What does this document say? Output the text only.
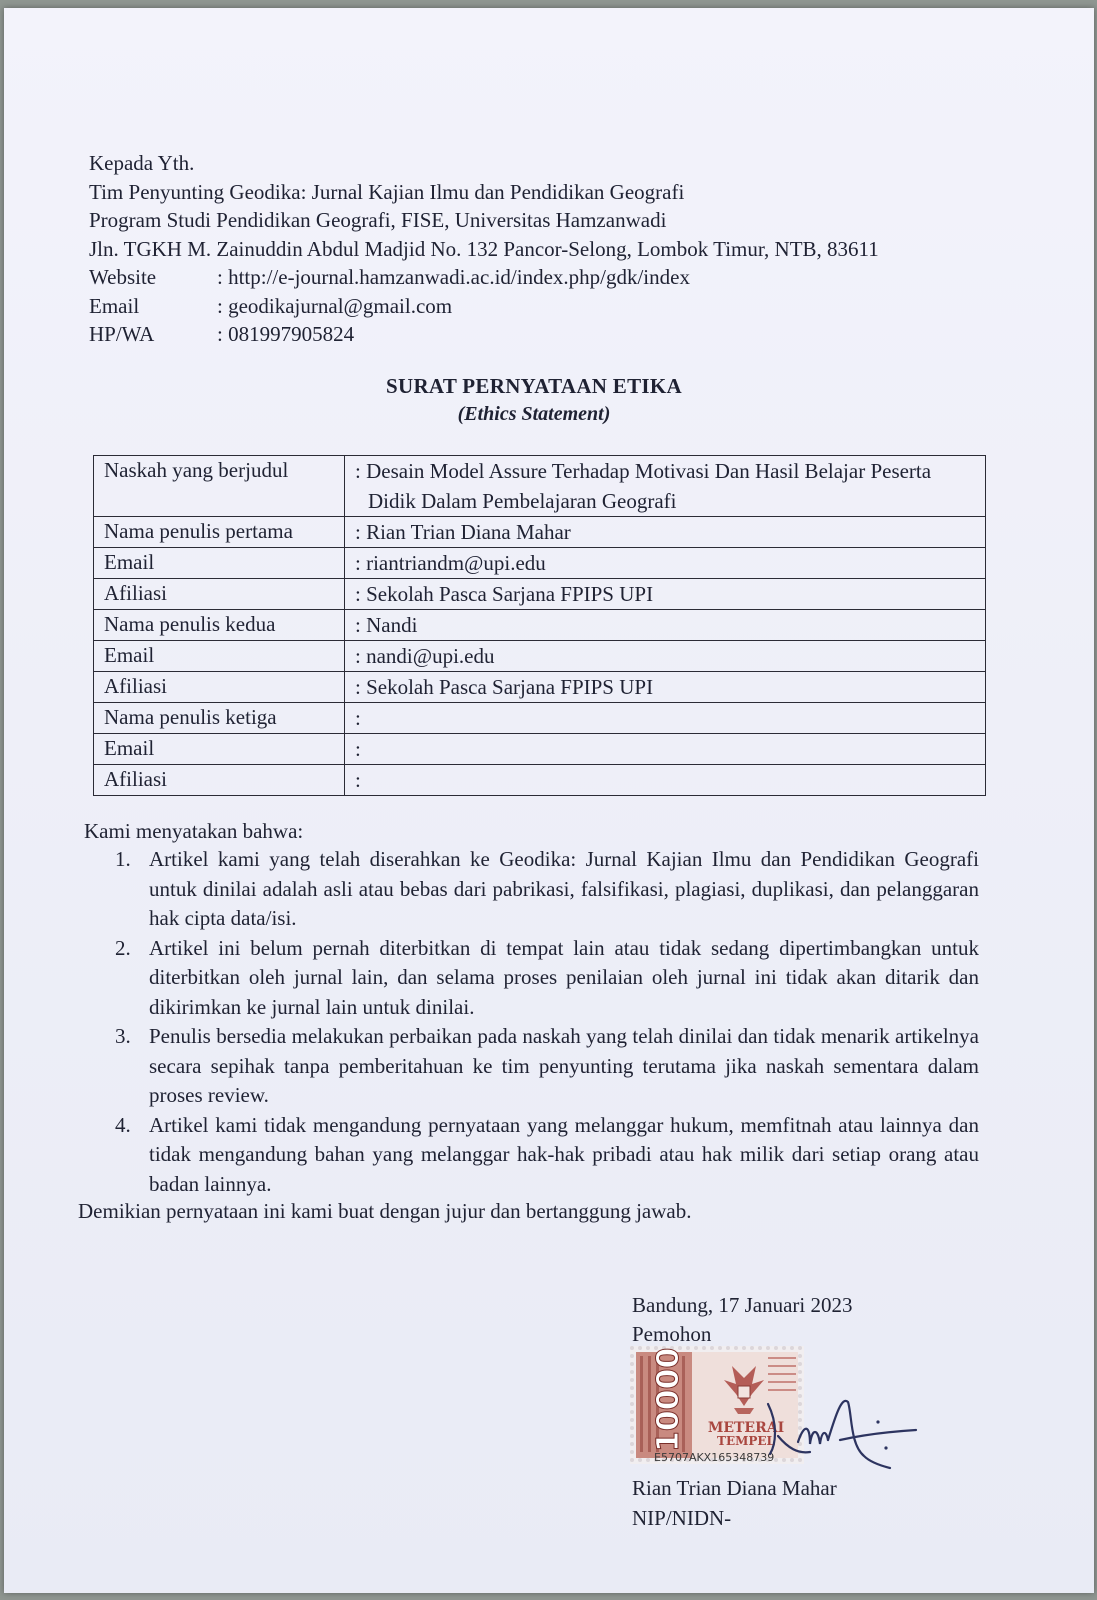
Kepada Yth.
Tim Penyunting Geodika: Jurnal Kajian Ilmu dan Pendidikan Geografi
Program Studi Pendidikan Geografi, FISE, Universitas Hamzanwadi
Jln. TGKH M. Zainuddin Abdul Madjid No. 132 Pancor-Selong, Lombok Timur, NTB, 83611
Website	: http://e-journal.hamzanwadi.ac.id/index.php/gdk/index
Email	: geodikajurnal@gmail.com
HP/WA	: 081997905824
SURAT PERNYATAAN ETIKA
(Ethics Statement)
Naskah yang berjudul	: Desain Model Assure Terhadap Motivasi Dan Hasil Belajar Peserta
Didik Dalam Pembelajaran Geografi

Nama penulis pertama	: Rian Trian Diana Mahar
Email	: riantriandm@upi.edu
Afiliasi	: Sekolah Pasca Sarjana FPIPS UPI
Nama penulis kedua	: Nandi
Email	: nandi@upi.edu
Afiliasi	: Sekolah Pasca Sarjana FPIPS UPI
Nama penulis ketiga	:
Email	:
Afiliasi	:
Kami menyatakan bahwa:
1. Artikel kami yang telah diserahkan ke Geodika: Jurnal Kajian Ilmu dan Pendidikan Geografi untuk dinilai adalah asli atau bebas dari pabrikasi, falsifikasi, plagiasi, duplikasi, dan pelanggaran hak cipta data/isi.
2. Artikel ini belum pernah diterbitkan di tempat lain atau tidak sedang dipertimbangkan untuk diterbitkan oleh jurnal lain, dan selama proses penilaian oleh jurnal ini tidak akan ditarik dan dikirimkan ke jurnal lain untuk dinilai.
3. Penulis bersedia melakukan perbaikan pada naskah yang telah dinilai dan tidak menarik artikelnya secara sepihak tanpa pemberitahuan ke tim penyunting terutama jika naskah sementara dalam proses review.
4. Artikel kami tidak mengandung pernyataan yang melanggar hukum, memfitnah atau lainnya dan tidak mengandung bahan yang melanggar hak-hak pribadi atau hak milik dari setiap orang atau badan lainnya.
Demikian pernyataan ini kami buat dengan jujur dan bertanggung jawab.
Bandung, 17 Januari 2023
Pemohon
10000 METERAI
TEMPEL
E5707AKX165348739
Rian Trian Diana Mahar
NIP/NIDN-
